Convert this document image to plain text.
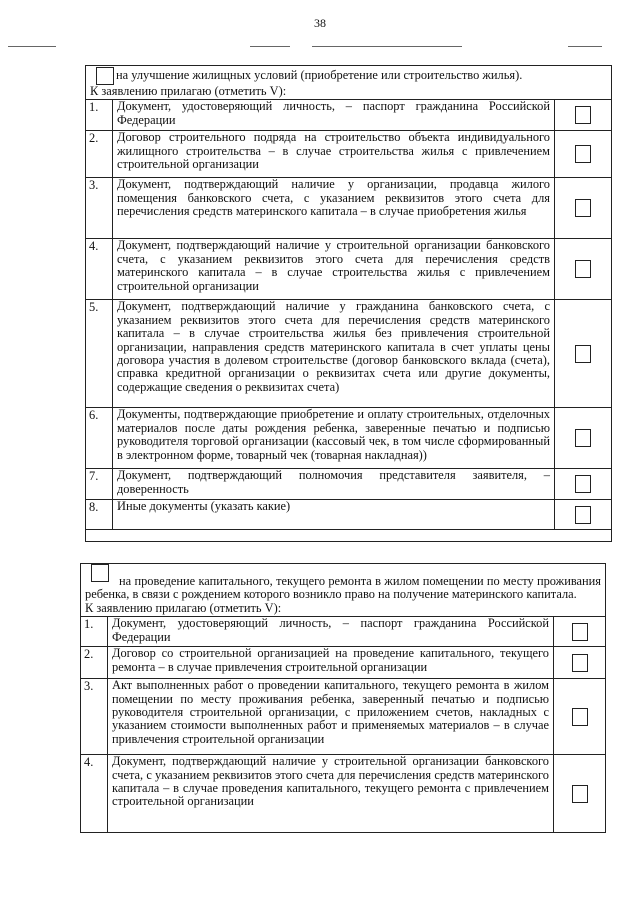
38
на улучшение жилищных условий (приобретение или строительство жилья).
К заявлению прилагаю (отметить V):		

1.	Документ, удостоверяющий личность, – паспорт гражданина Российской Федерации	

2.	Договор строительного подряда на строительство объекта индивидуального жилищного строительства – в случае строительства жилья с привлечением строительной организации	

3.	Документ, подтверждающий наличие у организации, продавца жилого помещения банковского счета, с указанием реквизитов этого счета для перечисления средств материнского капитала – в случае приобретения жилья	

4.	Документ, подтверждающий наличие у строительной организации банковского счета, с указанием реквизитов этого счета для перечисления средств материнского капитала – в случае строительства жилья с привлечением строительной организации	

5.	Документ, подтверждающий наличие у гражданина банковского счета, с указанием реквизитов этого счета для перечисления средств материнского капитала – в случае строительства жилья без привлечения строительной организации, направления средств материнского капитала в счет уплаты цены договора участия в долевом строительстве (договор банковского вклада (счета), справка кредитной организации о реквизитах счета или другие документы, содержащие сведения о реквизитах счета)	

6.	Документы, подтверждающие приобретение и оплату строительных, отделочных материалов после даты рождения ребенка, заверенные печатью и подписью руководителя торговой организации (кассовый чек, в том числе сформированный в электронном форме, товарный чек (товарная накладная))	

7.	Документ, подтверждающий полномочия представителя заявителя, – доверенность	

8.	Иные документы (указать какие)	

на проведение капитального, текущего ремонта в жилом помещении по месту проживания ребенка, в связи с рождением которого возникло право на получение материнского капитала.
К заявлению прилагаю (отметить V):		

1.	Документ, удостоверяющий личность, – паспорт гражданина Российской Федерации	

2.	Договор со строительной организацией на проведение капитального, текущего ремонта – в случае привлечения строительной организации	

3.	Акт выполненных работ о проведении капитального, текущего ремонта в жилом помещении по месту проживания ребенка, заверенный печатью и подписью руководителя строительной организации, с приложением счетов, накладных с указанием стоимости выполненных работ и применяемых материалов – в случае привлечения строительной организации	

4.	Документ, подтверждающий наличие у строительной организации банковского счета, с указанием реквизитов этого счета для перечисления средств материнского капитала – в случае проведения капитального, текущего ремонта с привлечением строительной организации	
